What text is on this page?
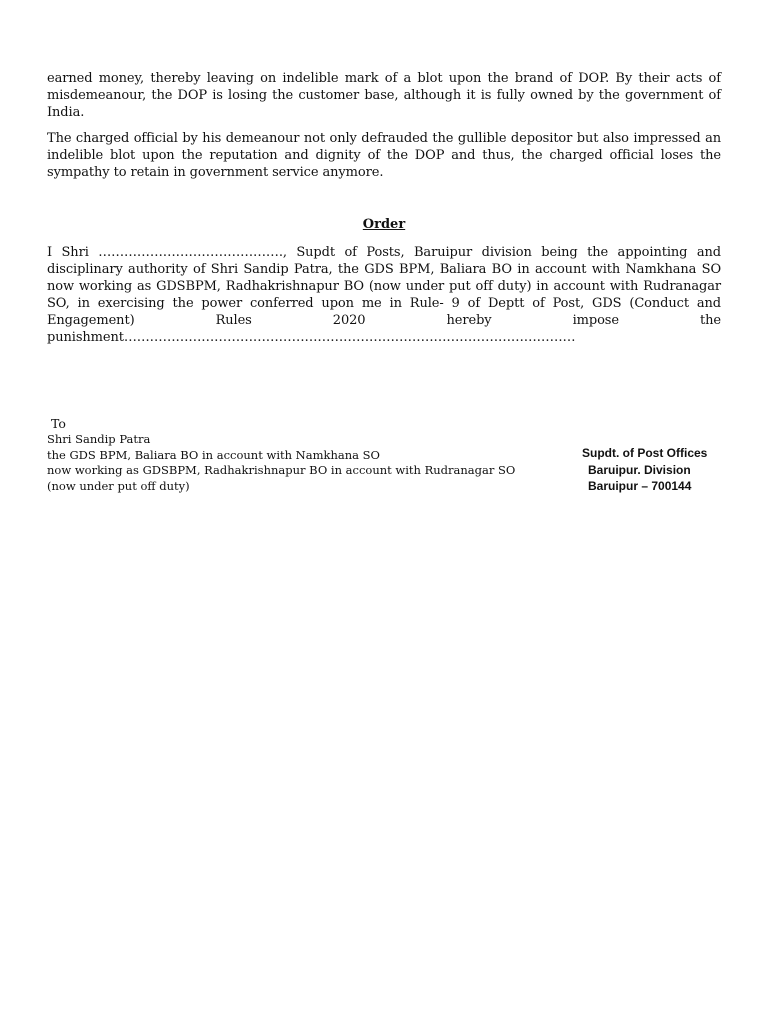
earned money, thereby leaving on indelible mark of a blot upon the brand of DOP. By their acts of misdemeanour, the DOP is losing the customer base, although it is fully owned by the government of India.

The charged official by his demeanour not only defrauded the gullible depositor but also impressed an indelible blot upon the reputation and dignity of the DOP and thus, the charged official loses the sympathy to retain in government service anymore.

Order

I Shri ……………………………………., Supdt of Posts, Baruipur division being the appointing and disciplinary authority of Shri Sandip Patra, the GDS BPM, Baliara BO in account with Namkhana SO now working as GDSBPM, Radhakrishnapur BO (now under put off duty) in account with Rudranagar SO, in exercising the power conferred upon me in Rule- 9 of Deptt of Post, GDS (Conduct and Engagement) Rules 2020 hereby impose the punishment……………………………………………………………………………………………

To
Shri Sandip Patra
the GDS BPM, Baliara BO in account with Namkhana SO
now working as GDSBPM, Radhakrishnapur BO in account with Rudranagar SO
(now under put off duty)
Supdt. of Post Offices
Baruipur. Division
Baruipur – 700144
